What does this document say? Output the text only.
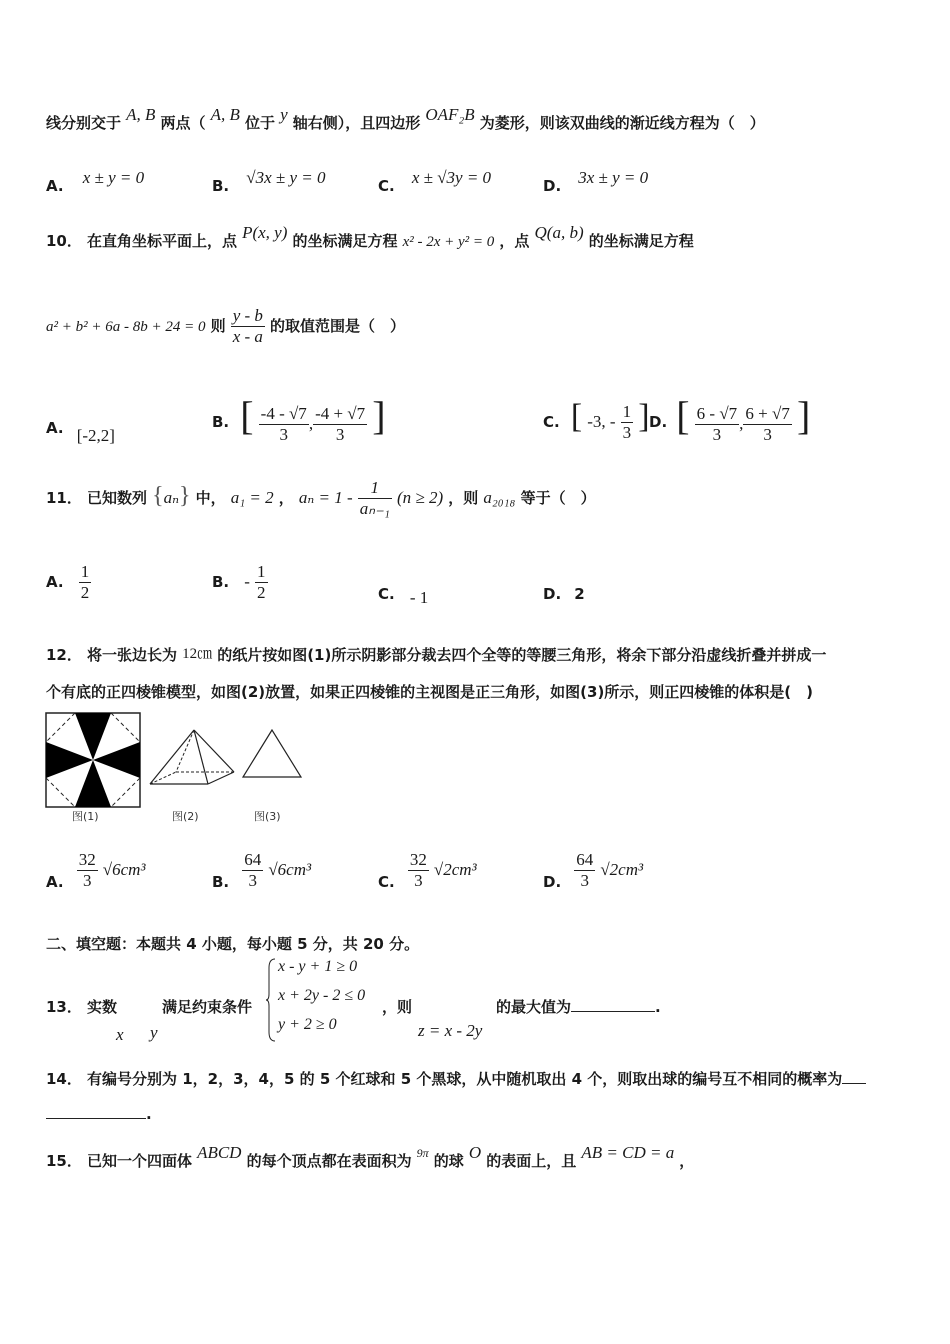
线分别交于 A, B 两点（ A, B 位于 y 轴右侧），且四边形 OAF₂B 为菱形，则该双曲线的渐近线方程为（　）
A. x ± y = 0	B. √3x ± y = 0	C. x ± √3y = 0	D. 3x ± y = 0
10． 在直角坐标平面上，点 P(x, y) 的坐标满足方程 x² - 2x + y² = 0 ，点 Q(a, b) 的坐标满足方程
a² + b² + 6a - 8b + 24 = 0 则 $\frac{y - b}{x - a}$ 的取值范围是（　）
A. [-2,2]
B. [ $\frac{-4 - √7}{3}$ , $\frac{-4 + √7}{3}$ ]	C. [ -3, - $\frac{1}{3}$ ] D. [ $\frac{6 - √7}{3}$ , $\frac{6 + √7}{3}$ ]
11． 已知数列 {aₙ} 中， a₁ = 2 ， $a_n = 1 - \frac{1}{\text{aₙ₋₁}} (n \ge 2)$ ，则 a₂₀₁₈ 等于（　）
A. $\frac{1}{2}$	B. - $\frac{1}{2}$	C. - 1	D. 2
12． 将一张边长为 12㎝ 的纸片按如图(1)所示阴影部分裁去四个全等的等腰三角形，将余下部分沿虚线折叠并拼成一
个有底的正四棱锥模型，如图(2)放置，如果正四棱锥的主视图是正三角形，如图(3)所示，则正四棱锥的体积是(　)
图(1)	图(2)	图(3)
A. $\frac{32}{3} √6cm^3$
B. $\frac{64}{3} √6cm^3$
C. $\frac{32}{3} √2cm^3$
D. $\frac{64}{3} √2cm^3$
二、填空题：本题共 4 小题，每小题 5 分，共 20 分。
13． 实数
x y
满足约束条件
x - y + 1 ≥ 0
x + 2y - 2 ≤ 0
y + 2 ≥ 0
，则
z = x - 2y
的最大值为	.
14． 有编号分别为 1，2，3，4，5 的 5 个红球和 5 个黑球，从中随机取出 4 个，则取出球的编号互不相同的概率为
.
15． 已知一个四面体 ABCD 的每个顶点都在表面积为 $^{9\pi}$ 的球 O 的表面上，且 AB = CD = a ，
